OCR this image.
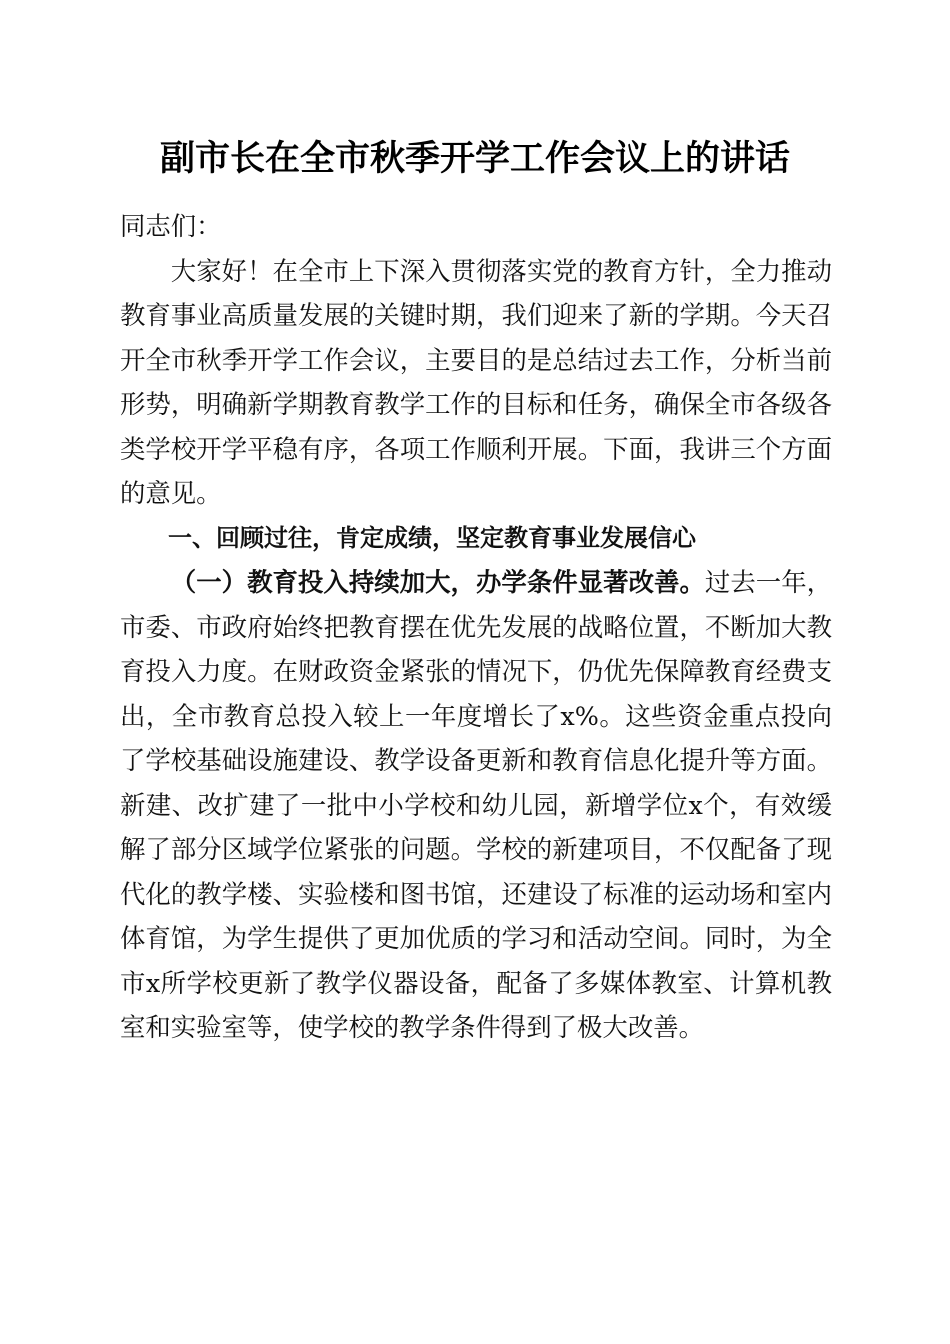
副市长在全市秋季开学工作会议上的讲话

同志们：

大家好！在全市上下深入贯彻落实党的教育方针，全力推动教育事业高质量发展的关键时期，我们迎来了新的学期。今天召开全市秋季开学工作会议，主要目的是总结过去工作，分析当前形势，明确新学期教育教学工作的目标和任务，确保全市各级各类学校开学平稳有序，各项工作顺利开展。下面，我讲三个方面的意见。

一、回顾过往，肯定成绩，坚定教育事业发展信心

（一）教育投入持续加大，办学条件显著改善。过去一年，市委、市政府始终把教育摆在优先发展的战略位置，不断加大教育投入力度。在财政资金紧张的情况下，仍优先保障教育经费支出，全市教育总投入较上一年度增长了x%。这些资金重点投向了学校基础设施建设、教学设备更新和教育信息化提升等方面。新建、改扩建了一批中小学校和幼儿园，新增学位x个，有效缓解了部分区域学位紧张的问题。学校的新建项目，不仅配备了现代化的教学楼、实验楼和图书馆，还建设了标准的运动场和室内体育馆，为学生提供了更加优质的学习和活动空间。同时，为全市x所学校更新了教学仪器设备，配备了多媒体教室、计算机教室和实验室等，使学校的教学条件得到了极大改善。
